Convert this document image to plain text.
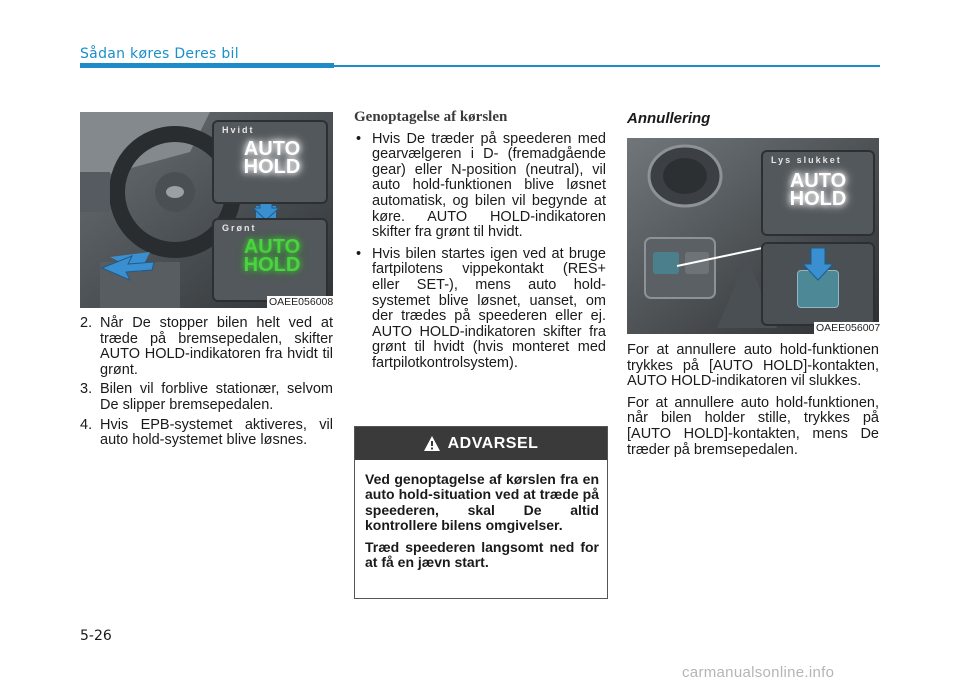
Sådan køres Deres bil
Hvidt
AUTO
HOLD
Grønt
AUTO
HOLD
OAEE056008
2. Når De stopper bilen helt ved at træde på bremsepedalen, skifter AUTO HOLD-indikatoren fra hvidt til grønt.
3. Bilen vil forblive stationær, selvom De slipper bremsepedalen.
4. Hvis EPB-systemet aktiveres, vil auto hold-systemet blive løsnes.
Genoptagelse af kørslen
• Hvis De træder på speederen med gearvælgeren i D- (fremadgående gear) eller N-position (neutral), vil auto hold-funktionen blive løsnet automatisk, og bilen vil begynde at køre. AUTO HOLD-indikatoren skifter fra grønt til hvidt.
• Hvis bilen startes igen ved at bruge fartpilotens vippekontakt (RES+ eller SET-), mens auto hold-systemet blive løsnet, uanset, om der trædes på speederen eller ej. AUTO HOLD-indikatoren skifter fra grønt til hvidt (hvis monteret med fartpilotkontrolsystem).
ADVARSEL

Ved genoptagelse af kørslen fra en auto hold-situation ved at træde på speederen, skal De altid kontrollere bilens omgivelser.

Træd speederen langsomt ned for at få en jævn start.

Annullering
Lys slukket
AUTO
HOLD
OAEE056007
For at annullere auto hold-funktionen trykkes på [AUTO HOLD]-kontakten, AUTO HOLD-indikatoren vil slukkes.
For at annullere auto hold-funktionen, når bilen holder stille, trykkes på [AUTO HOLD]-kontakten, mens De træder på bremsepedalen.
5-26
carmanualsonline.info
